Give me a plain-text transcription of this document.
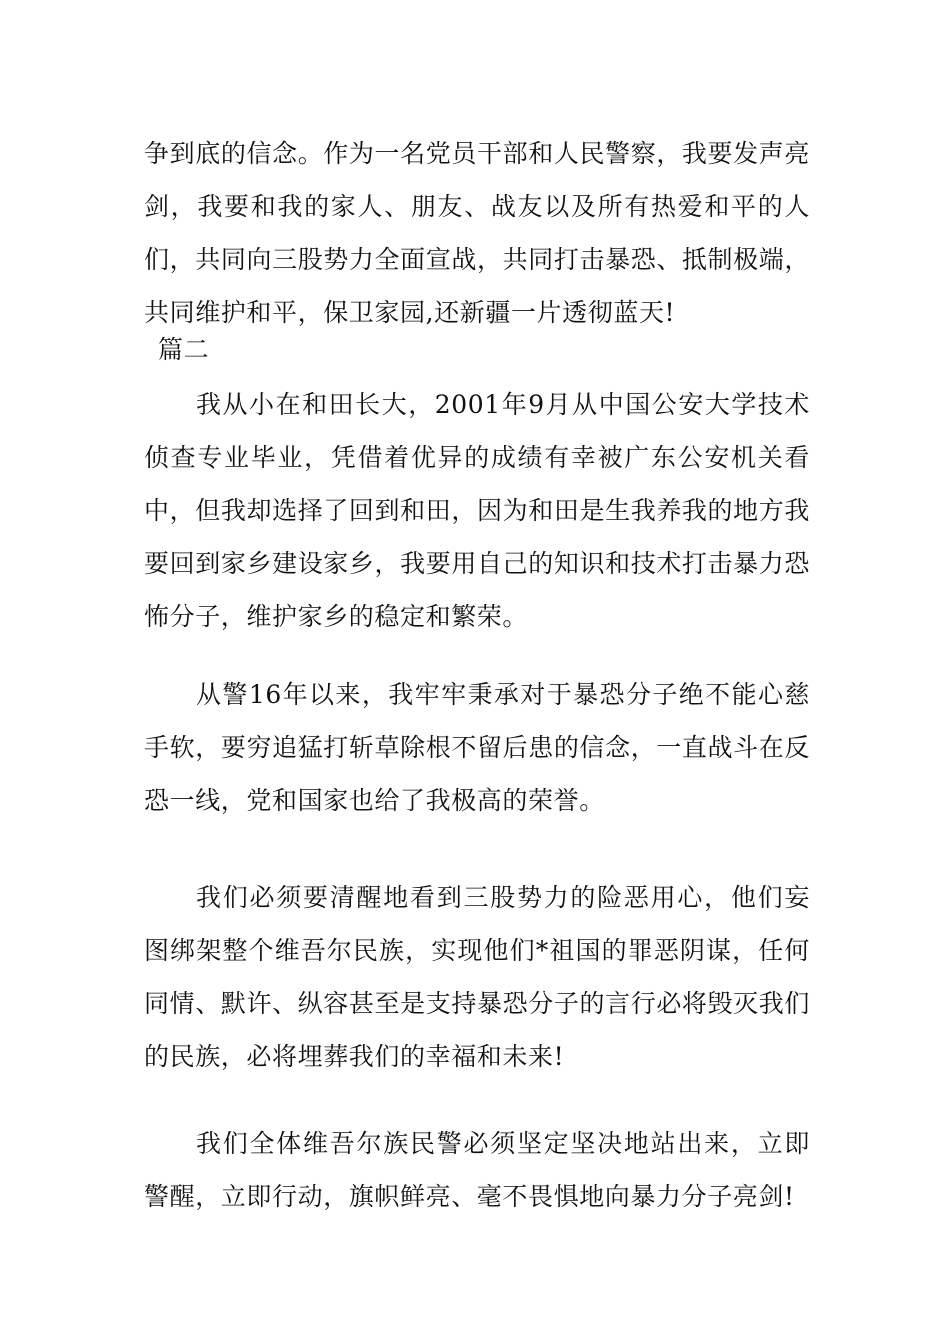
争到底的信念。作为一名党员干部和人民警察，我要发声亮剑，我要和我的家人、朋友、战友以及所有热爱和平的人们，共同向三股势力全面宣战，共同打击暴恐、抵制极端，共同维护和平，保卫家园,还新疆一片透彻蓝天!

篇二

我从小在和田长大，2001年9月从中国公安大学技术侦查专业毕业，凭借着优异的成绩有幸被广东公安机关看中，但我却选择了回到和田，因为和田是生我养我的地方我要回到家乡建设家乡，我要用自己的知识和技术打击暴力恐怖分子，维护家乡的稳定和繁荣。

从警16年以来，我牢牢秉承对于暴恐分子绝不能心慈手软，要穷追猛打斩草除根不留后患的信念，一直战斗在反恐一线，党和国家也给了我极高的荣誉。

我们必须要清醒地看到三股势力的险恶用心，他们妄图绑架整个维吾尔民族，实现他们*祖国的罪恶阴谋，任何同情、默许、纵容甚至是支持暴恐分子的言行必将毁灭我们的民族，必将埋葬我们的幸福和未来!

我们全体维吾尔族民警必须坚定坚决地站出来，立即警醒，立即行动，旗帜鲜亮、毫不畏惧地向暴力分子亮剑!
